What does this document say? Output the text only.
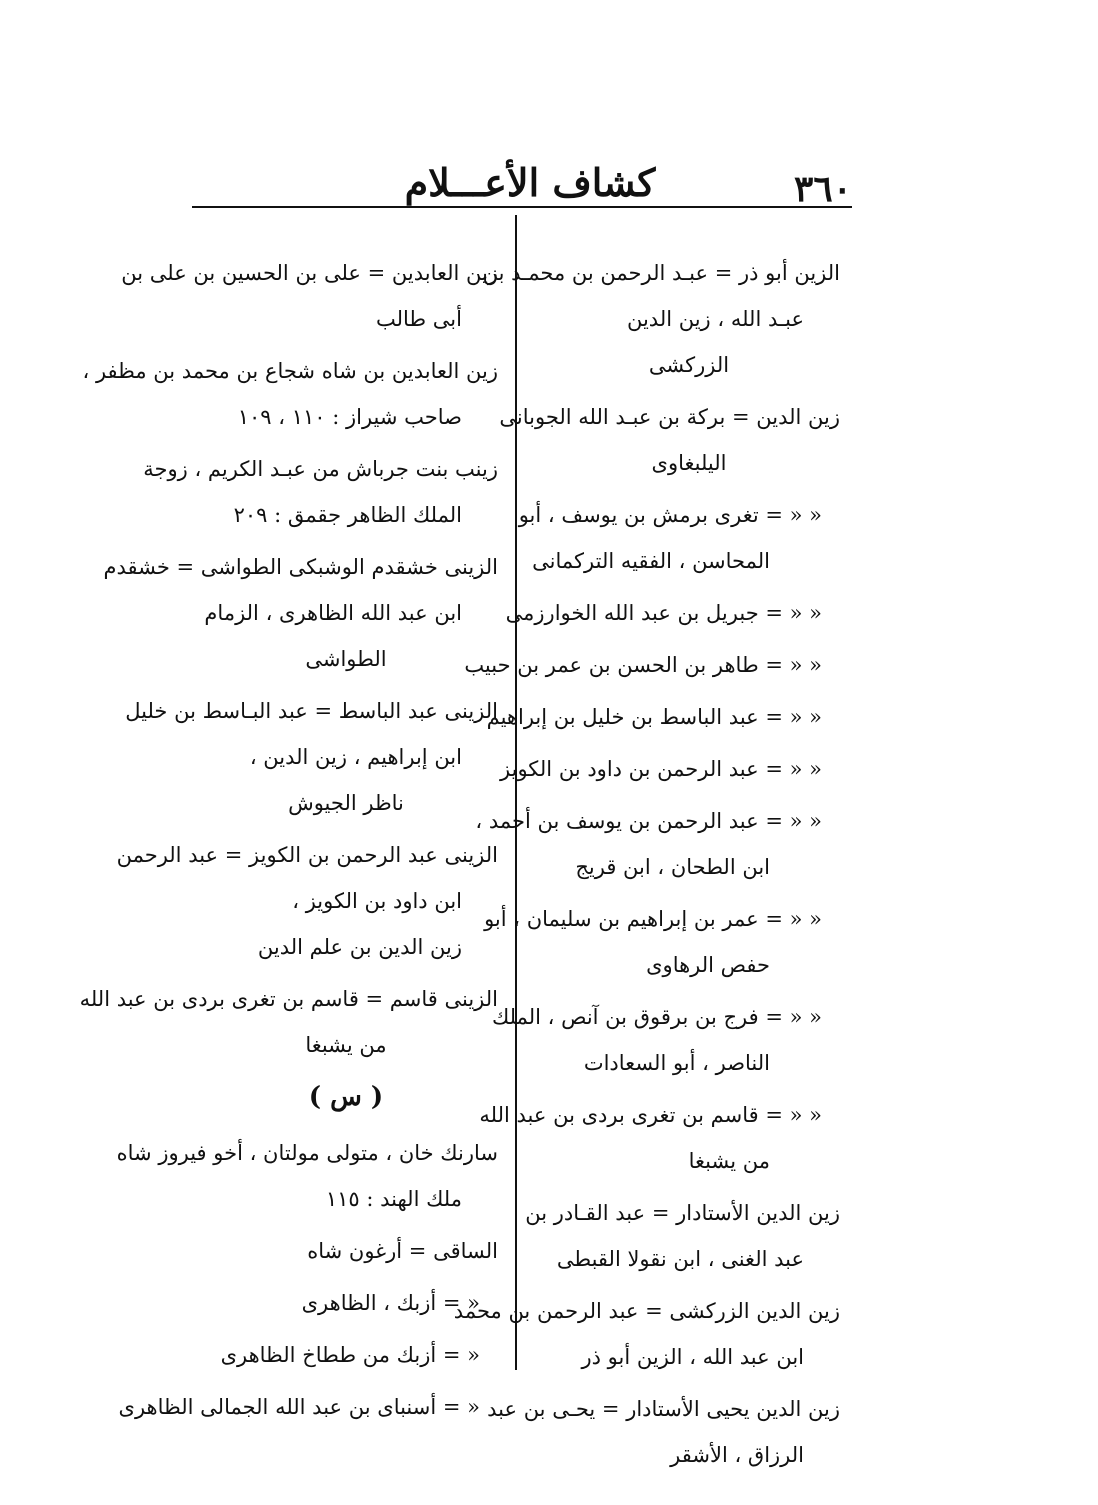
٣٦٠
كشاف الأعـــلام
الزين أبو ذر = عبـد الرحمن بن محمـد بن
عبـد الله ، زين الدين
الزركشى
زين الدين = بركة بن عبـد الله الجوبانى
اليلبغاوى
« « = تغرى برمش بن يوسف ، أبو
المحاسن ، الفقيه التركمانى
« « = جبريل بن عبد الله الخوارزمى
« « = طاهر بن الحسن بن عمر بن حبيب
« « = عبد الباسط بن خليل بن إبراهيم
« « = عبد الرحمن بن داود بن الكويز
« « = عبد الرحمن بن يوسف بن أحمد ،
ابن الطحان ، ابن قريج
« « = عمر بن إبراهيم بن سليمان ، أبو
حفص الرهاوى
« « = فرج بن برقوق بن آنص ، الملك
الناصر ، أبو السعادات
« « = قاسم بن تغرى بردى بن عبد الله
من يشبغا
زين الدين الأستادار = عبد القـادر بن
عبد الغنى ، ابن نقولا القبطى
زين الدين الزركشى = عبد الرحمن بن محمد
ابن عبد الله ، الزين أبو ذر
زين الدين يحيى الأستادار = يحـى بن عبد
الرزاق ، الأشقر
زين العابدين = على بن الحسين بن على بن
أبى طالب
زين العابدين بن شاه شجاع بن محمد بن مظفر ،
صاحب شيراز : ١١٠ ، ١٠٩
زينب بنت جرباش من عبـد الكريم ، زوجة
الملك الظاهر جقمق : ٢٠٩
الزينى خشقدم الوشبكى الطواشى = خشقدم
ابن عبد الله الظاهرى ، الزمام
الطواشى
الزينى عبد الباسط = عبد البـاسط بن خليل
ابن إبراهيم ، زين الدين ،
ناظر الجيوش
الزينى عبد الرحمن بن الكويز = عبد الرحمن
ابن داود بن الكويز ،
زين الدين بن علم الدين
الزينى قاسم = قاسم بن تغرى بردى بن عبد الله
من يشبغا
( س )
سارنك خان ، متولى مولتان ، أخو فيروز شاه
ملك الهند : ١١٥
الساقى = أرغون شاه
« = أزبك ، الظاهرى
« = أزبك من ططاخ الظاهرى
« = أسنباى بن عبد الله الجمالى الظاهرى
